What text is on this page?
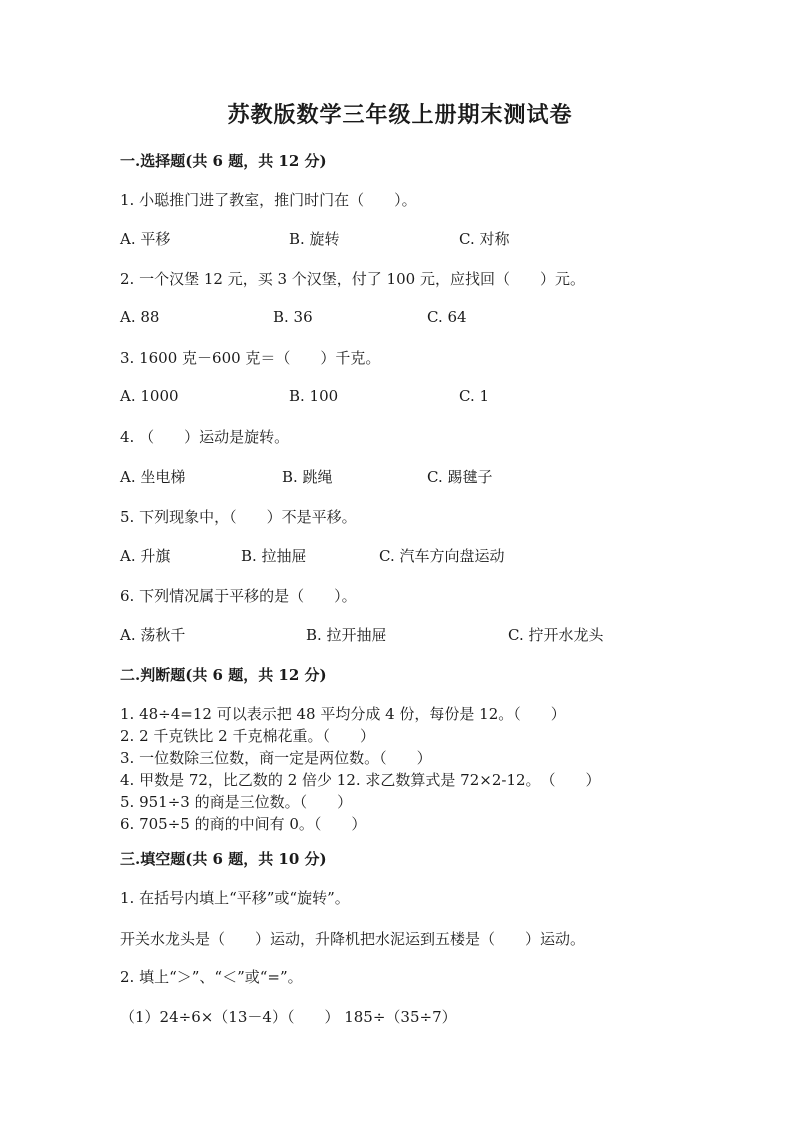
苏教版数学三年级上册期末测试卷
一.选择题(共 6 题，共 12 分)
1. 小聪推门进了教室，推门时门在（　　）。
A. 平移	B. 旋转	C. 对称
2. 一个汉堡 12 元，买 3 个汉堡，付了 100 元，应找回（　　）元。
A. 88	B. 36	C. 64
3. 1600 克－600 克＝（　　）千克。
A. 1000	B. 100	C. 1
4. （　　）运动是旋转。
A. 坐电梯	B. 跳绳	C. 踢毽子
5. 下列现象中，（　　）不是平移。
A. 升旗	B. 拉抽屉	C. 汽车方向盘运动
6. 下列情况属于平移的是（　　）。
A. 荡秋千	B. 拉开抽屉	C. 拧开水龙头
二.判断题(共 6 题，共 12 分)
1. 48÷4=12 可以表示把 48 平均分成 4 份，每份是 12。（　　）
2. 2 千克铁比 2 千克棉花重。（　　）
3. 一位数除三位数，商一定是两位数。（　　）
4. 甲数是 72，比乙数的 2 倍少 12. 求乙数算式是 72×2-12。　（　　）
5. 951÷3 的商是三位数。（　　）
6. 705÷5 的商的中间有 0。（　　）
三.填空题(共 6 题，共 10 分)
1. 在括号内填上“平移”或“旋转”。
开关水龙头是（　　）运动，升降机把水泥运到五楼是（　　）运动。
2. 填上“＞”、“＜”或“=”。
（1）24÷6×（13－4）（　　） 185÷（35÷7）
